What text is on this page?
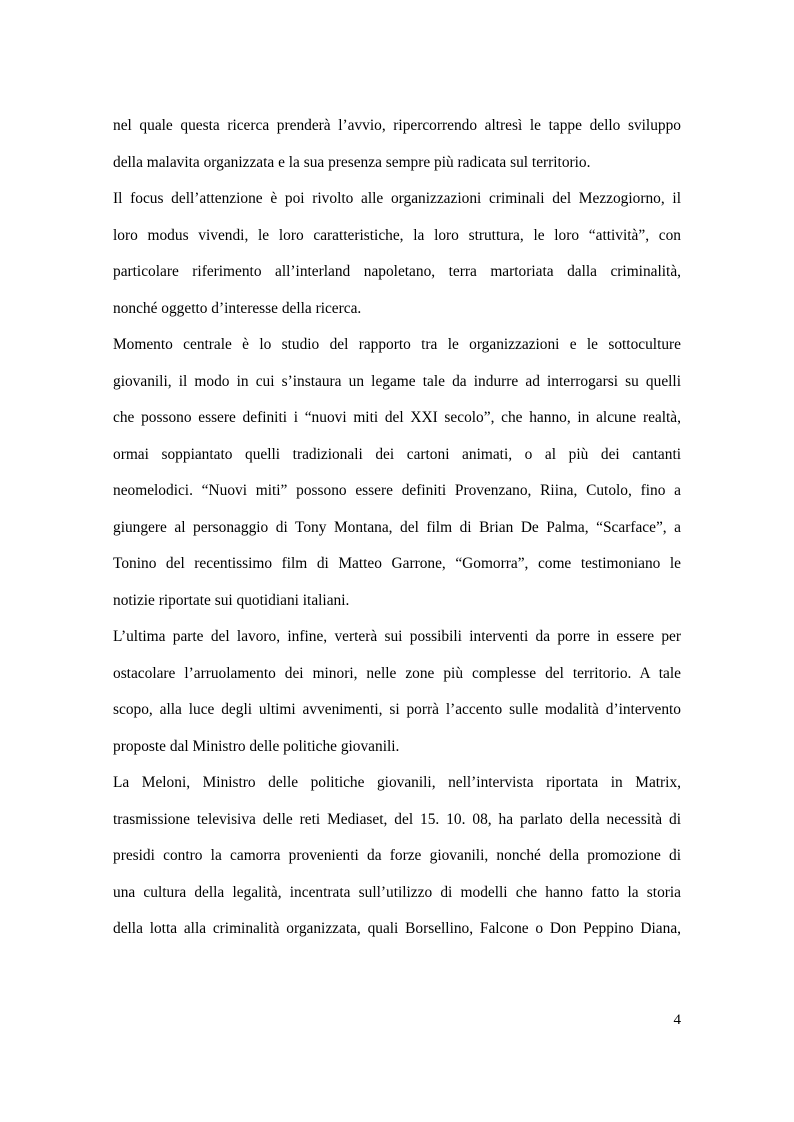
nel quale questa ricerca prenderà l’avvio, ripercorrendo altresì le tappe dello sviluppo
della malavita organizzata e la sua presenza sempre più radicata sul territorio.

Il focus dell’attenzione è poi rivolto alle organizzazioni criminali del Mezzogiorno, il
loro modus vivendi, le loro caratteristiche, la loro struttura, le loro “attività”, con
particolare riferimento all’interland napoletano, terra martoriata dalla criminalità,
nonché oggetto d’interesse della ricerca.

Momento centrale è lo studio del rapporto tra le organizzazioni e le sottoculture
giovanili, il modo in cui s’instaura un legame tale da indurre ad interrogarsi su quelli
che possono essere definiti i “nuovi miti del XXI secolo”, che hanno, in alcune realtà,
ormai soppiantato quelli tradizionali dei cartoni animati, o al più dei cantanti
neomelodici. “Nuovi miti” possono essere definiti Provenzano, Riina, Cutolo, fino a
giungere al personaggio di Tony Montana, del film di Brian De Palma, “Scarface”, a
Tonino del recentissimo film di Matteo Garrone, “Gomorra”, come testimoniano le
notizie riportate sui quotidiani italiani.

L’ultima parte del lavoro, infine, verterà sui possibili interventi da porre in essere per
ostacolare l’arruolamento dei minori, nelle zone più complesse del territorio. A tale
scopo, alla luce degli ultimi avvenimenti, si porrà l’accento sulle modalità d’intervento
proposte dal Ministro delle politiche giovanili.

La Meloni, Ministro delle politiche giovanili, nell’intervista riportata in Matrix,
trasmissione televisiva delle reti Mediaset, del 15. 10. 08, ha parlato della necessità di
presidi contro la camorra provenienti da forze giovanili, nonché della promozione di
una cultura della legalità, incentrata sull’utilizzo di modelli che hanno fatto la storia
della lotta alla criminalità organizzata, quali Borsellino, Falcone o Don Peppino Diana,

4
